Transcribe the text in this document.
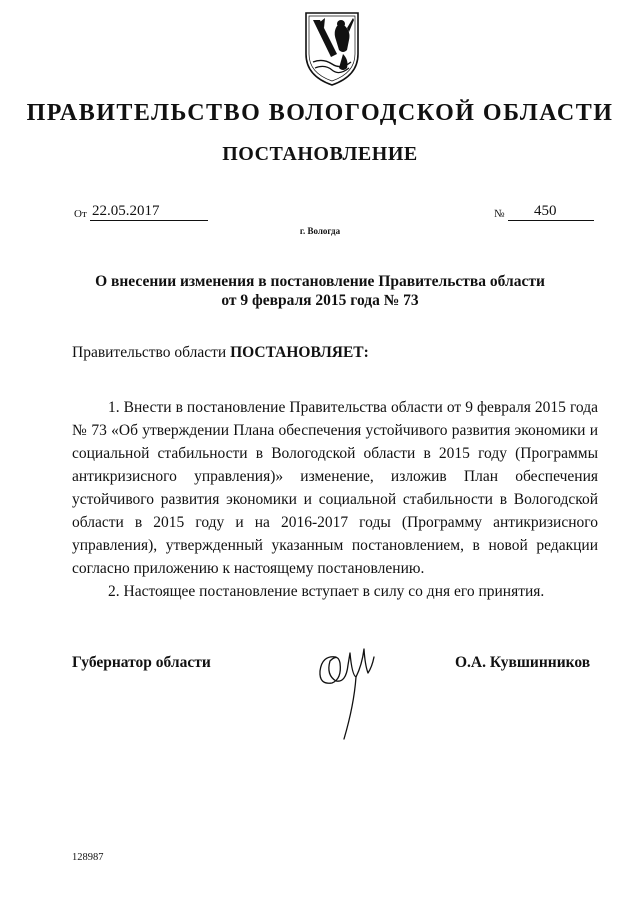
ПРАВИТЕЛЬСТВО ВОЛОГОДСКОЙ ОБЛАСТИ
ПОСТАНОВЛЕНИЕ
От 22.05.2017	№	450
г. Вологда
О внесении изменения в постановление Правительства области
от 9 февраля 2015 года № 73
Правительство области ПОСТАНОВЛЯЕТ:

1. Внести в постановление Правительства области от 9 февраля 2015 года № 73 «Об утверждении Плана обеспечения устойчивого развития экономики и социальной стабильности в Вологодской области в 2015 году (Программы антикризисного управления)» изменение, изложив План обеспечения устойчивого развития экономики и социальной стабильности в Вологодской области в 2015 году и на 2016-2017 годы (Программу антикризисного управления), утвержденный указанным постановлением, в новой редакции согласно приложению к настоящему постановлению.

2. Настоящее постановление вступает в силу со дня его принятия.

Губернатор области	О.А. Кувшинников
128987
